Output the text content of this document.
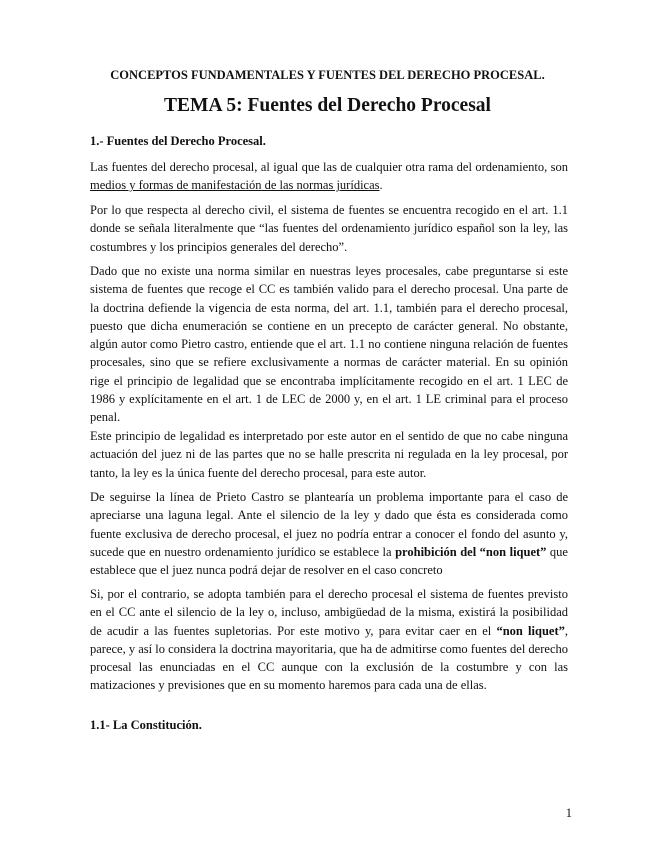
CONCEPTOS FUNDAMENTALES Y FUENTES DEL DERECHO PROCESAL.
TEMA 5: Fuentes del Derecho Procesal
1.- Fuentes del Derecho Procesal.

Las fuentes del derecho procesal, al igual que las de cualquier otra rama del ordenamiento, son medios y formas de manifestación de las normas jurídicas.

Por lo que respecta al derecho civil, el sistema de fuentes se encuentra recogido en el art. 1.1 donde se señala literalmente que “las fuentes del ordenamiento jurídico español son la ley, las costumbres y los principios generales del derecho”.

Dado que no existe una norma similar en nuestras leyes procesales, cabe preguntarse si este sistema de fuentes que recoge el CC es también valido para el derecho procesal. Una parte de la doctrina defiende la vigencia de esta norma, del art. 1.1, también para el derecho procesal, puesto que dicha enumeración se contiene en un precepto de carácter general. No obstante, algún autor como Pietro castro, entiende que el art. 1.1 no contiene ninguna relación de fuentes procesales, sino que se refiere exclusivamente a normas de carácter material. En su opinión rige el principio de legalidad que se encontraba implícitamente recogido en el art. 1 LEC de 1986 y explícitamente en el art. 1 de LEC de 2000 y, en el art. 1 LE criminal para el proceso penal.

Este principio de legalidad es interpretado por este autor en el sentido de que no cabe ninguna actuación del juez ni de las partes que no se halle prescrita ni regulada en la ley procesal, por tanto, la ley es la única fuente del derecho procesal, para este autor.

De seguirse la línea de Prieto Castro se plantearía un problema importante para el caso de apreciarse una laguna legal. Ante el silencio de la ley y dado que ésta es considerada como fuente exclusiva de derecho procesal, el juez no podría entrar a conocer el fondo del asunto y, sucede que en nuestro ordenamiento jurídico se establece la prohibición del “non liquet” que establece que el juez nunca podrá dejar de resolver en el caso concreto

Si, por el contrario, se adopta también para el derecho procesal el sistema de fuentes previsto en el CC ante el silencio de la ley o, incluso, ambigüedad de la misma, existirá la posibilidad de acudir a las fuentes supletorias. Por este motivo y, para evitar caer en el “non liquet”, parece, y así lo considera la doctrina mayoritaria, que ha de admitirse como fuentes del derecho procesal las enunciadas en el CC aunque con la exclusión de la costumbre y con las matizaciones y previsiones que en su momento haremos para cada una de ellas.

1.1- La Constitución.
1
